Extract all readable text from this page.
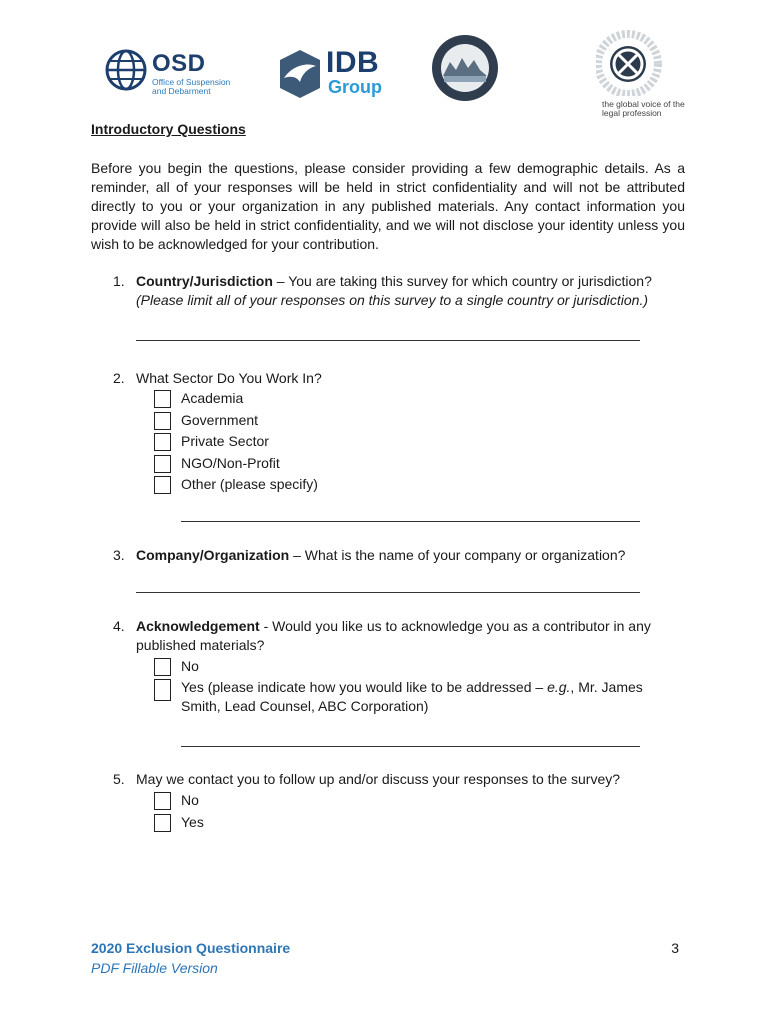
OSD
Office of Suspension and Debarment
IDB
Group
the global voice of the legal profession
Introductory Questions
Before you begin the questions, please consider providing a few demographic details. As a reminder, all of your responses will be held in strict confidentiality and will not be attributed directly to you or your organization in any published materials. Any contact information you provide will also be held in strict confidentiality, and we will not disclose your identity unless you wish to be acknowledged for your contribution.
1. Country/Jurisdiction – You are taking this survey for which country or jurisdiction?
(Please limit all of your responses on this survey to a single country or jurisdiction.)
2. What Sector Do You Work In?
Academia
Government
Private Sector
NGO/Non-Profit
Other (please specify)
3. Company/Organization – What is the name of your company or organization?
4. Acknowledgement - Would you like us to acknowledge you as a contributor in any published materials?
No
Yes (please indicate how you would like to be addressed – e.g., Mr. James Smith, Lead Counsel, ABC Corporation)
5. May we contact you to follow up and/or discuss your responses to the survey?
No
Yes
2020 Exclusion Questionnaire
PDF Fillable Version
3
